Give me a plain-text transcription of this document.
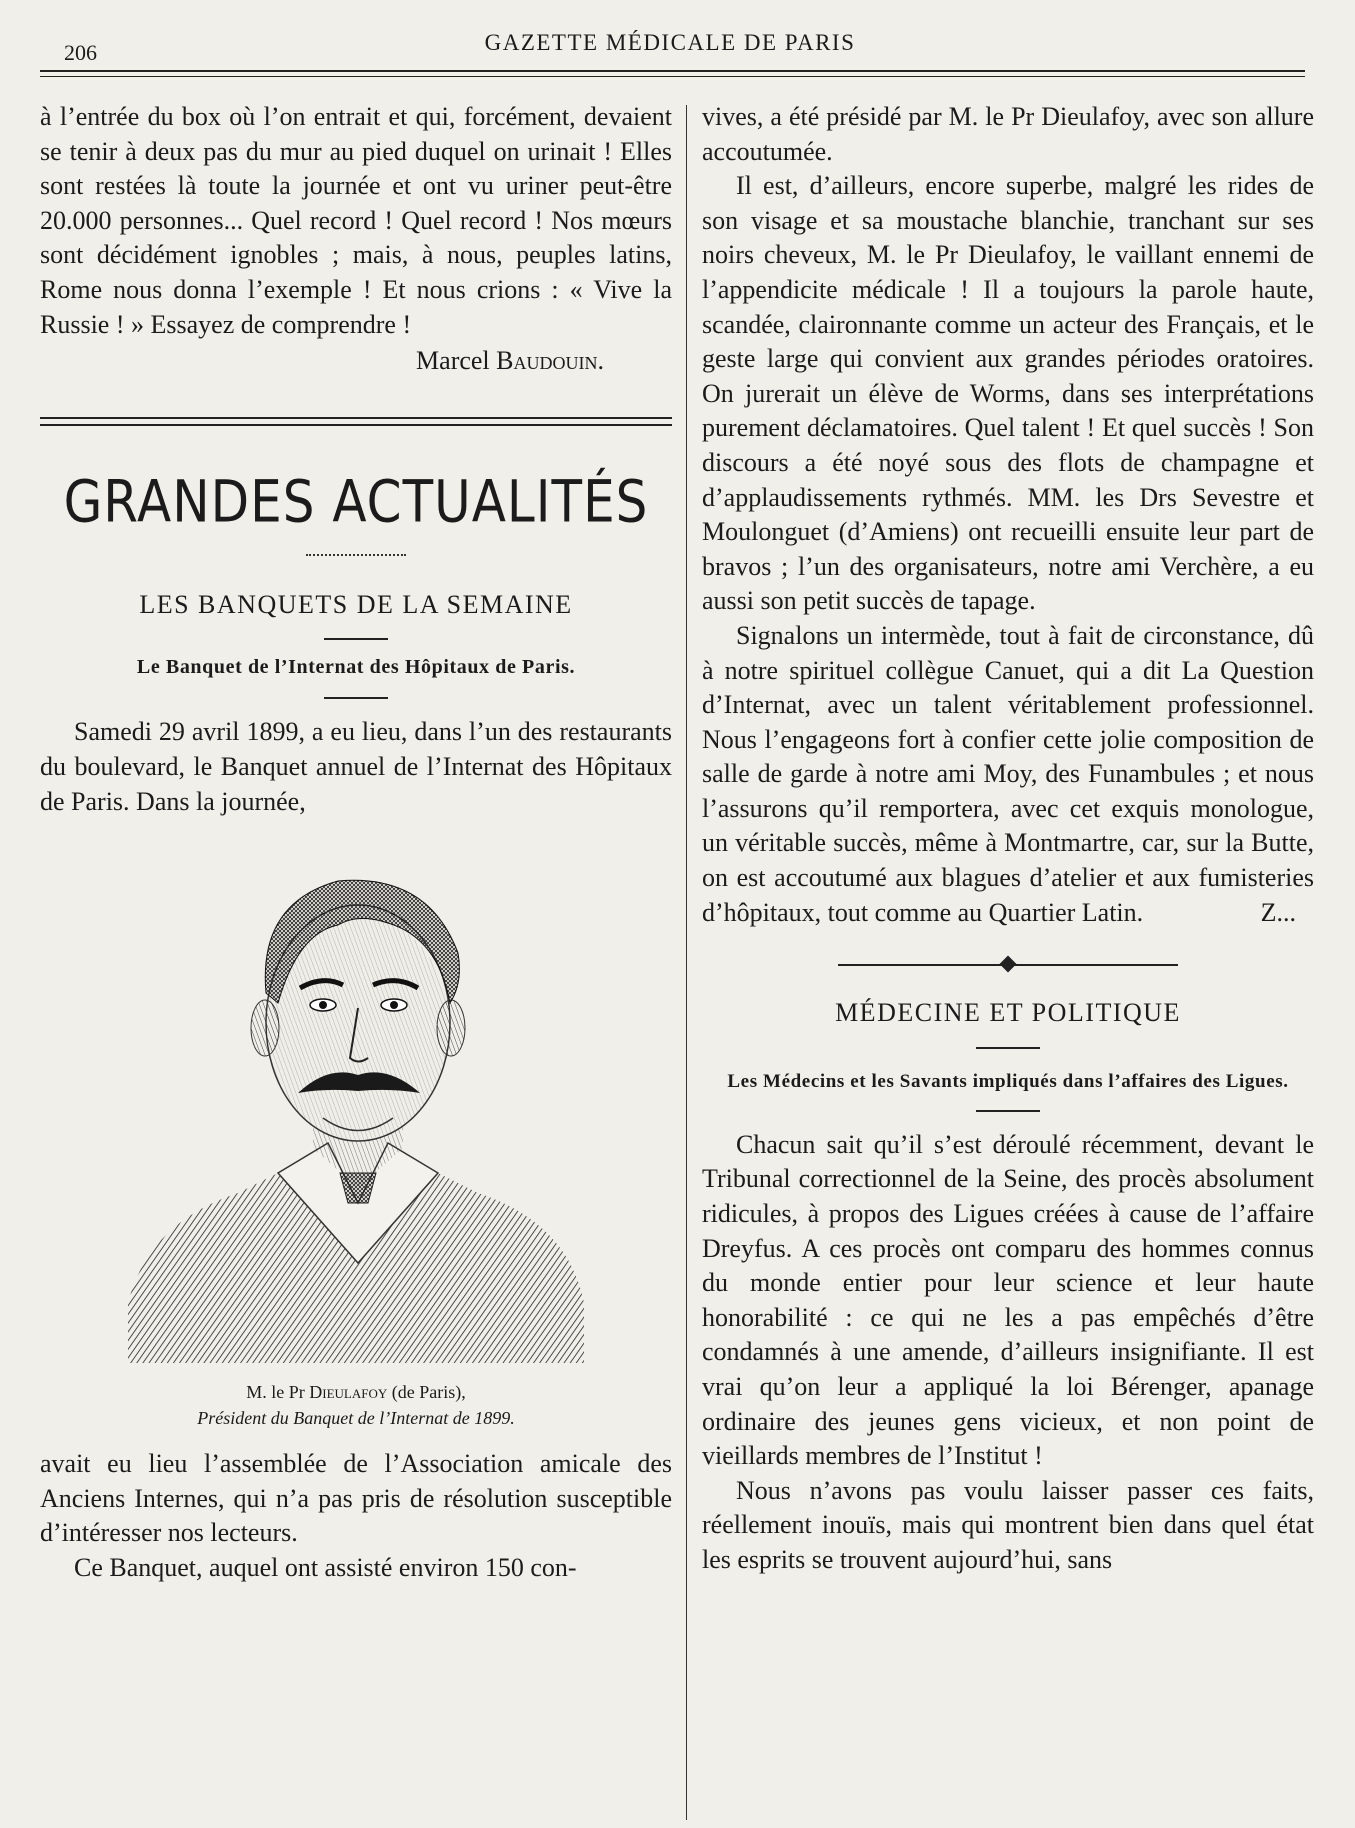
206	GAZETTE MÉDICALE DE PARIS

à l’entrée du box où l’on entrait et qui, forcément, devaient se tenir à deux pas du mur au pied duquel on urinait ! Elles sont restées là toute la journée et ont vu uriner peut-être 20.000 personnes... Quel record ! Quel record ! Nos mœurs sont décidément ignobles ; mais, à nous, peuples latins, Rome nous donna l’exemple ! Et nous crions : « Vive la Russie ! » Essayez de comprendre !

Marcel Baudouin.

GRANDES ACTUALITÉS
LES BANQUETS DE LA SEMAINE
Le Banquet de l’Internat des Hôpitaux de Paris.

Samedi 29 avril 1899, a eu lieu, dans l’un des restaurants du boulevard, le Banquet annuel de l’Internat des Hôpitaux de Paris. Dans la journée,

M. le Pr Dieulafoy (de Paris),
Président du Banquet de l’Internat de 1899.

avait eu lieu l’assemblée de l’Association amicale des Anciens Internes, qui n’a pas pris de résolution susceptible d’intéresser nos lecteurs.

Ce Banquet, auquel ont assisté environ 150 con-

vives, a été présidé par M. le Pr Dieulafoy, avec son allure accoutumée.

Il est, d’ailleurs, encore superbe, malgré les rides de son visage et sa moustache blanchie, tranchant sur ses noirs cheveux, M. le Pr Dieulafoy, le vaillant ennemi de l’appendicite médicale ! Il a toujours la parole haute, scandée, claironnante comme un acteur des Français, et le geste large qui convient aux grandes périodes oratoires. On jurerait un élève de Worms, dans ses interprétations purement déclamatoires. Quel talent ! Et quel succès ! Son discours a été noyé sous des flots de champagne et d’applaudissements rythmés. MM. les Drs Sevestre et Moulonguet (d’Amiens) ont recueilli ensuite leur part de bravos ; l’un des organisateurs, notre ami Verchère, a eu aussi son petit succès de tapage.

Signalons un intermède, tout à fait de circonstance, dû à notre spirituel collègue Canuet, qui a dit La Question d’Internat, avec un talent véritablement professionnel. Nous l’engageons fort à confier cette jolie composition de salle de garde à notre ami Moy, des Funambules ; et nous l’assurons qu’il remportera, avec cet exquis monologue, un véritable succès, même à Montmartre, car, sur la Butte, on est accoutumé aux blagues d’atelier et aux fumisteries d’hôpitaux, tout comme au Quartier Latin.	Z...

MÉDECINE ET POLITIQUE
Les Médecins et les Savants impliqués dans l’affaires des Ligues.

Chacun sait qu’il s’est déroulé récemment, devant le Tribunal correctionnel de la Seine, des procès absolument ridicules, à propos des Ligues créées à cause de l’affaire Dreyfus. A ces procès ont comparu des hommes connus du monde entier pour leur science et leur haute honorabilité : ce qui ne les a pas empêchés d’être condamnés à une amende, d’ailleurs insignifiante. Il est vrai qu’on leur a appliqué la loi Bérenger, apanage ordinaire des jeunes gens vicieux, et non point de vieillards membres de l’Institut !

Nous n’avons pas voulu laisser passer ces faits, réellement inouïs, mais qui montrent bien dans quel état les esprits se trouvent aujourd’hui, sans
